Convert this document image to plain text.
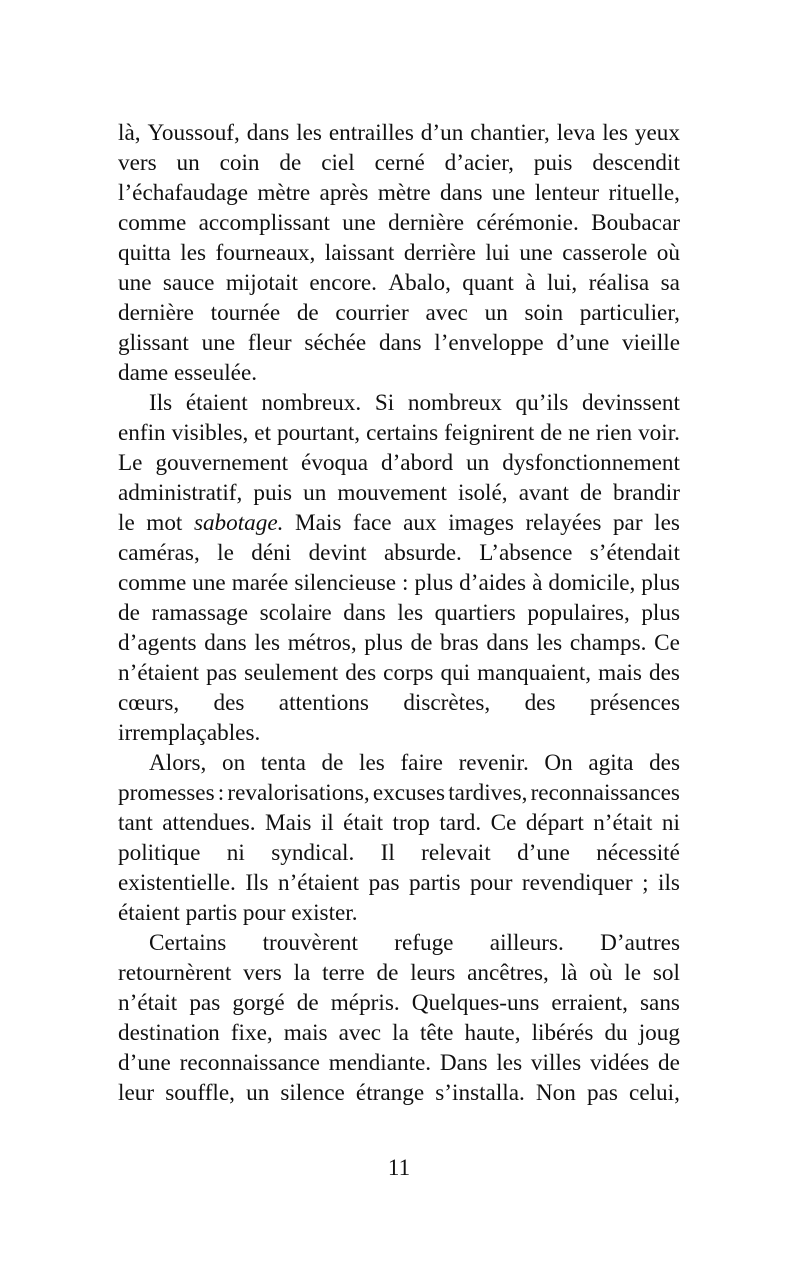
là, Youssouf, dans les entrailles d’un chantier, leva les yeux
vers un coin de ciel cerné d’acier, puis descendit
l’échafaudage mètre après mètre dans une lenteur rituelle,
comme accomplissant une dernière cérémonie. Boubacar
quitta les fourneaux, laissant derrière lui une casserole où
une sauce mijotait encore. Abalo, quant à lui, réalisa sa
dernière tournée de courrier avec un soin particulier,
glissant une fleur séchée dans l’enveloppe d’une vieille
dame esseulée.
Ils étaient nombreux. Si nombreux qu’ils devinssent
enfin visibles, et pourtant, certains feignirent de ne rien voir.
Le gouvernement évoqua d’abord un dysfonctionnement
administratif, puis un mouvement isolé, avant de brandir
le mot sabotage. Mais face aux images relayées par les
caméras, le déni devint absurde. L’absence s’étendait
comme une marée silencieuse : plus d’aides à domicile, plus
de ramassage scolaire dans les quartiers populaires, plus
d’agents dans les métros, plus de bras dans les champs. Ce
n’étaient pas seulement des corps qui manquaient, mais des
cœurs, des attentions discrètes, des présences
irremplaçables.
Alors, on tenta de les faire revenir. On agita des
promesses : revalorisations, excuses tardives, reconnaissances
tant attendues. Mais il était trop tard. Ce départ n’était ni
politique ni syndical. Il relevait d’une nécessité
existentielle. Ils n’étaient pas partis pour revendiquer ; ils
étaient partis pour exister.
Certains trouvèrent refuge ailleurs. D’autres
retournèrent vers la terre de leurs ancêtres, là où le sol
n’était pas gorgé de mépris. Quelques-uns erraient, sans
destination fixe, mais avec la tête haute, libérés du joug
d’une reconnaissance mendiante. Dans les villes vidées de
leur souffle, un silence étrange s’installa. Non pas celui,
11
